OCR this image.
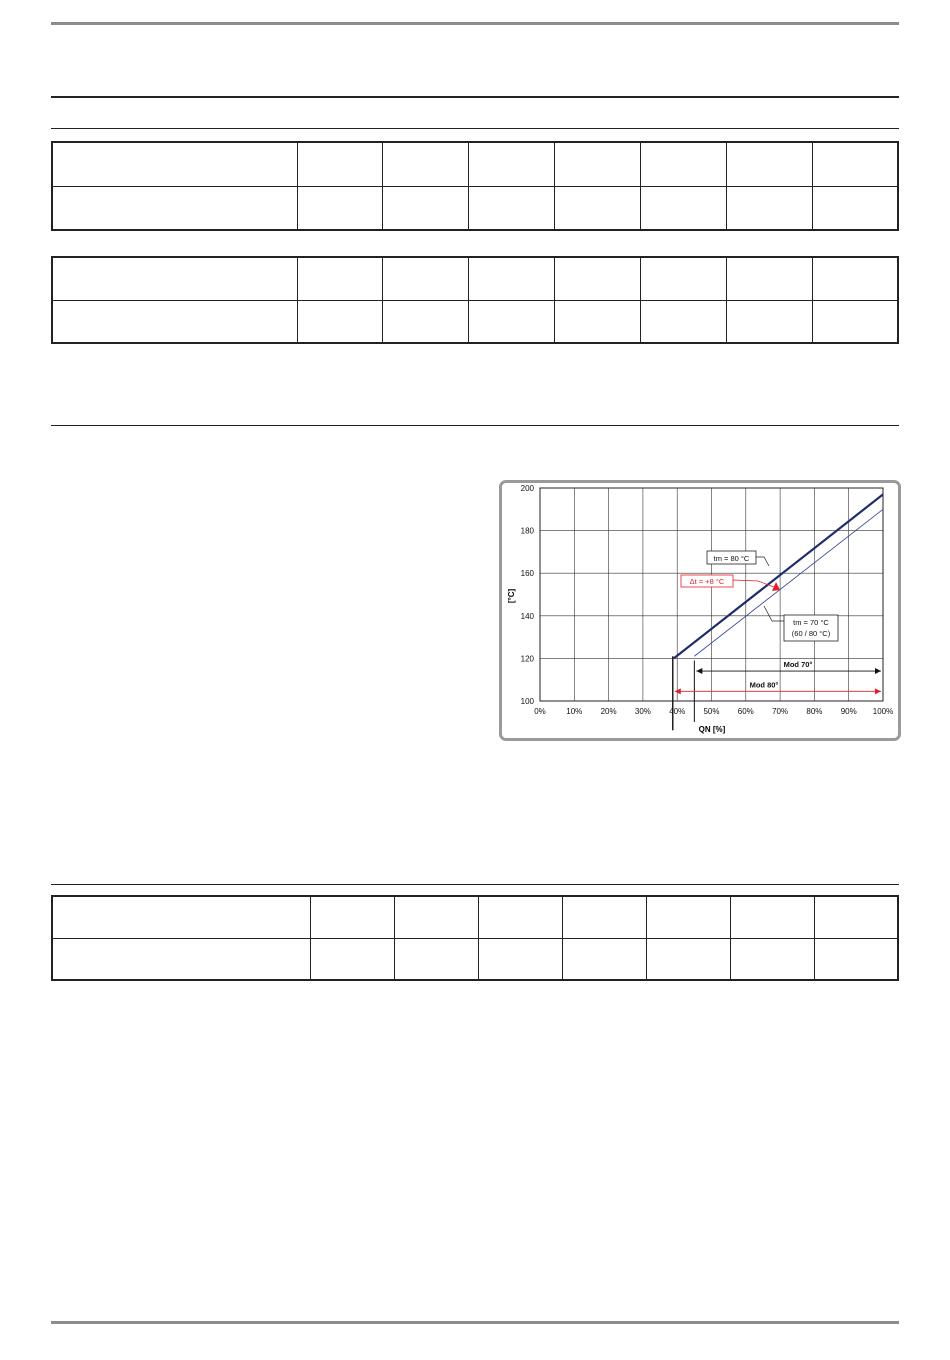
0%	10% 20% 30% 40% 50% 60% 70% 80% 90% 100%
100
120
140
160
180
200
tm = 80 °C
Δt = +8 °C
tm = 70 °C
(60 / 80 °C)
Mod 70°
Mod 80°
QN [%]
[°C]
